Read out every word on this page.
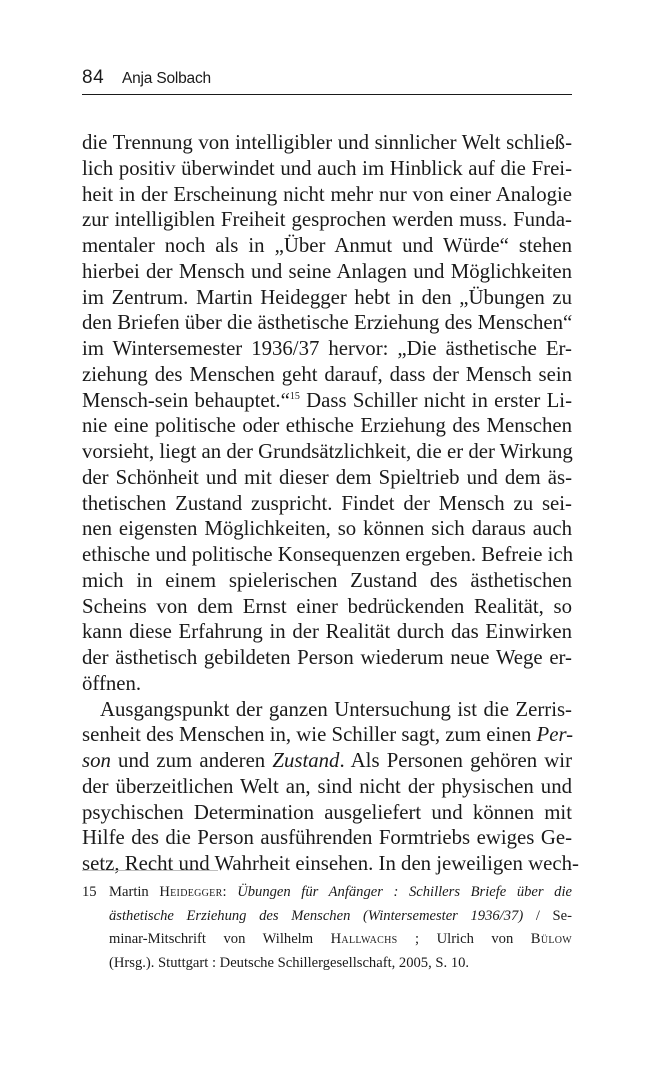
84 Anja Solbach
die Trennung von intelligibler und sinnlicher Welt schließ-
lich positiv überwindet und auch im Hinblick auf die Frei-
heit in der Erscheinung nicht mehr nur von einer Analogie
zur intelligiblen Freiheit gesprochen werden muss. Funda-
mentaler noch als in „Über Anmut und Würde“ stehen
hierbei der Mensch und seine Anlagen und Möglichkeiten
im Zentrum. Martin Heidegger hebt in den „Übungen zu
den Briefen über die ästhetische Erziehung des Menschen“
im Wintersemester 1936/37 hervor: „Die ästhetische Er-
ziehung des Menschen geht darauf, dass der Mensch sein
Mensch-sein behauptet.“$^{15}$ Dass Schiller nicht in erster Li-
nie eine politische oder ethische Erziehung des Menschen
vorsieht, liegt an der Grundsätzlichkeit, die er der Wirkung
der Schönheit und mit dieser dem Spieltrieb und dem äs-
thetischen Zustand zuspricht. Findet der Mensch zu sei-
nen eigensten Möglichkeiten, so können sich daraus auch
ethische und politische Konsequenzen ergeben. Befreie ich
mich in einem spielerischen Zustand des ästhetischen
Scheins von dem Ernst einer bedrückenden Realität, so
kann diese Erfahrung in der Realität durch das Einwirken
der ästhetisch gebildeten Person wiederum neue Wege er-
öffnen.
Ausgangspunkt der ganzen Untersuchung ist die Zerris-
senheit des Menschen in, wie Schiller sagt, zum einen Per-
son und zum anderen Zustand. Als Personen gehören wir
der überzeitlichen Welt an, sind nicht der physischen und
psychischen Determination ausgeliefert und können mit
Hilfe des die Person ausführenden Formtriebs ewiges Ge-
setz, Recht und Wahrheit einsehen. In den jeweiligen wech-
15 Martin Heidegger: Übungen für Anfänger : Schillers Briefe über die
ästhetische Erziehung des Menschen (Wintersemester 1936/37) / Se-
minar-Mitschrift von Wilhelm Hallwachs ; Ulrich von Bülow
(Hrsg.). Stuttgart : Deutsche Schillergesellschaft, 2005, S. 10.
